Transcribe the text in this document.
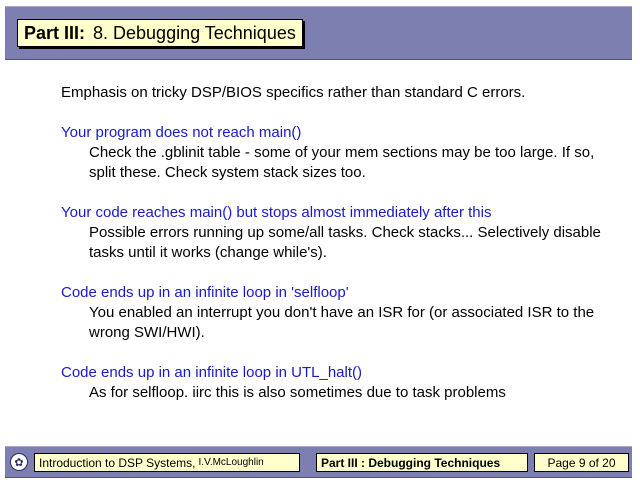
Part III: 8. Debugging Techniques
Emphasis on tricky DSP/BIOS specifics rather than standard C errors.
Your program does not reach main()
Check the .gblinit table - some of your mem sections may be too large. If so, split these. Check system stack sizes too.
Your code reaches main() but stops almost immediately after this
Possible errors running up some/all tasks. Check stacks... Selectively disable tasks until it works (change while's).
Code ends up in an infinite loop in 'selfloop'
You enabled an interrupt you don't have an ISR for (or associated ISR to the wrong SWI/HWI).
Code ends up in an infinite loop in UTL_halt()
As for selfloop. iirc this is also sometimes due to task problems
✿	Introduction to DSP Systems, I.V.McLoughlin	Part III : Debugging Techniques	Page 9 of 20
